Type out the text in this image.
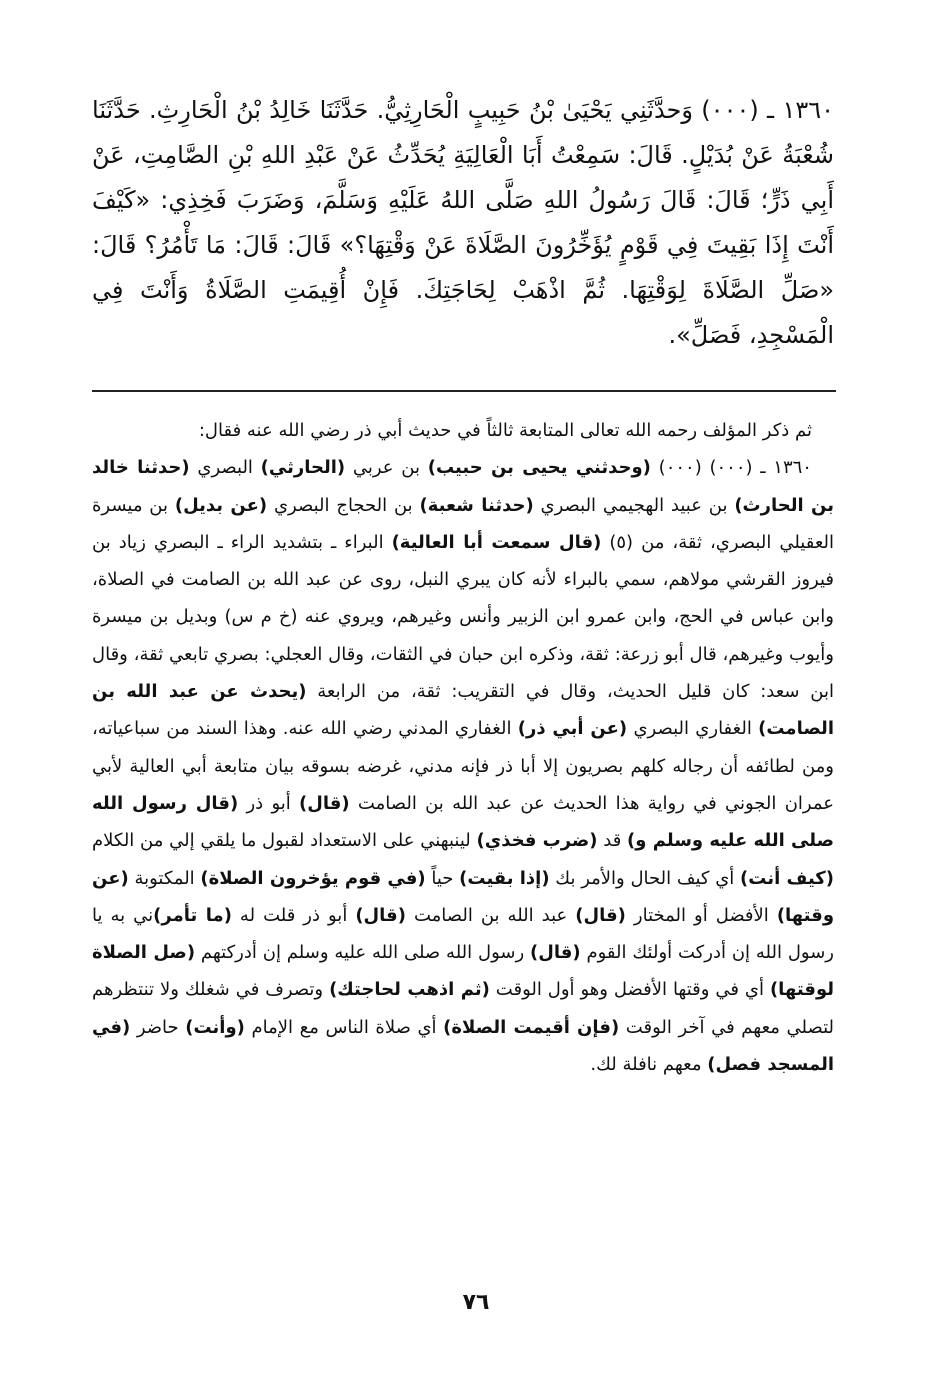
١٣٦٠ ـ (٠٠٠) وَحدَّثَنِي يَحْيَىٰ بْنُ حَبِيبٍ الْحَارِثِيُّ. حَدَّثَنَا خَالِدُ بْنُ الْحَارِثِ. حَدَّثَنَا شُعْبَةُ عَنْ بُدَيْلٍ. قَالَ: سَمِعْتُ أَبَا الْعَالِيَةِ يُحَدِّثُ عَنْ عَبْدِ اللهِ بْنِ الصَّامِتِ، عَنْ أَبِي ذَرٍّ؛ قَالَ: قَالَ رَسُولُ اللهِ صَلَّى اللهُ عَلَيْهِ وَسَلَّمَ، وَضَرَبَ فَخِذِي: «كَيْفَ أَنْتَ إِذَا بَقِيتَ فِي قَوْمٍ يُؤَخِّرُونَ الصَّلَاةَ عَنْ وَقْتِهَا؟» قَالَ: قَالَ: مَا تَأْمُرُ؟ قَالَ: «صَلِّ الصَّلَاةَ لِوَقْتِهَا. ثُمَّ اذْهَبْ لِحَاجَتِكَ. فَإِنْ أُقِيمَتِ الصَّلَاةُ وَأَنْتَ فِي الْمَسْجِدِ، فَصَلِّ».

ثم ذكر المؤلف رحمه الله تعالى المتابعة ثالثاً في حديث أبي ذر رضي الله عنه فقال:

١٣٦٠ ـ (٠٠٠) (٠٠٠) (وحدثني يحيى بن حبيب) بن عربي (الحارثي) البصري (حدثنا خالد بن الحارث) بن عبيد الهجيمي البصري (حدثنا شعبة) بن الحجاج البصري (عن بديل) بن ميسرة العقيلي البصري، ثقة، من (٥) (قال سمعت أبا العالية) البراء ـ بتشديد الراء ـ البصري زياد بن فيروز القرشي مولاهم، سمي بالبراء لأنه كان يبري النبل، روى عن عبد الله بن الصامت في الصلاة، وابن عباس في الحج، وابن عمرو ابن الزبير وأنس وغيرهم، ويروي عنه (خ م س) وبديل بن ميسرة وأيوب وغيرهم، قال أبو زرعة: ثقة، وذكره ابن حبان في الثقات، وقال العجلي: بصري تابعي ثقة، وقال ابن سعد: كان قليل الحديث، وقال في التقريب: ثقة، من الرابعة (يحدث عن عبد الله بن الصامت) الغفاري البصري (عن أبي ذر) الغفاري المدني رضي الله عنه. وهذا السند من سباعياته، ومن لطائفه أن رجاله كلهم بصريون إلا أبا ذر فإنه مدني، غرضه بسوقه بيان متابعة أبي العالية لأبي عمران الجوني في رواية هذا الحديث عن عبد الله بن الصامت (قال) أبو ذر (قال رسول الله صلى الله عليه وسلم و) قد (ضرب فخذي) لينبهني على الاستعداد لقبول ما يلقي إلي من الكلام (كيف أنت) أي كيف الحال والأمر بك (إذا بقيت) حياً (في قوم يؤخرون الصلاة) المكتوبة (عن وقتها) الأفضل أو المختار (قال) عبد الله بن الصامت (قال) أبو ذر قلت له (ما تأمر)ني به يا رسول الله إن أدركت أولئك القوم (قال) رسول الله صلى الله عليه وسلم إن أدركتهم (صل الصلاة لوقتها) أي في وقتها الأفضل وهو أول الوقت (ثم اذهب لحاجتك) وتصرف في شغلك ولا تنتظرهم لتصلي معهم في آخر الوقت (فإن أقيمت الصلاة) أي صلاة الناس مع الإمام (وأنت) حاضر (في المسجد فصل) معهم نافلة لك.

٧٦
